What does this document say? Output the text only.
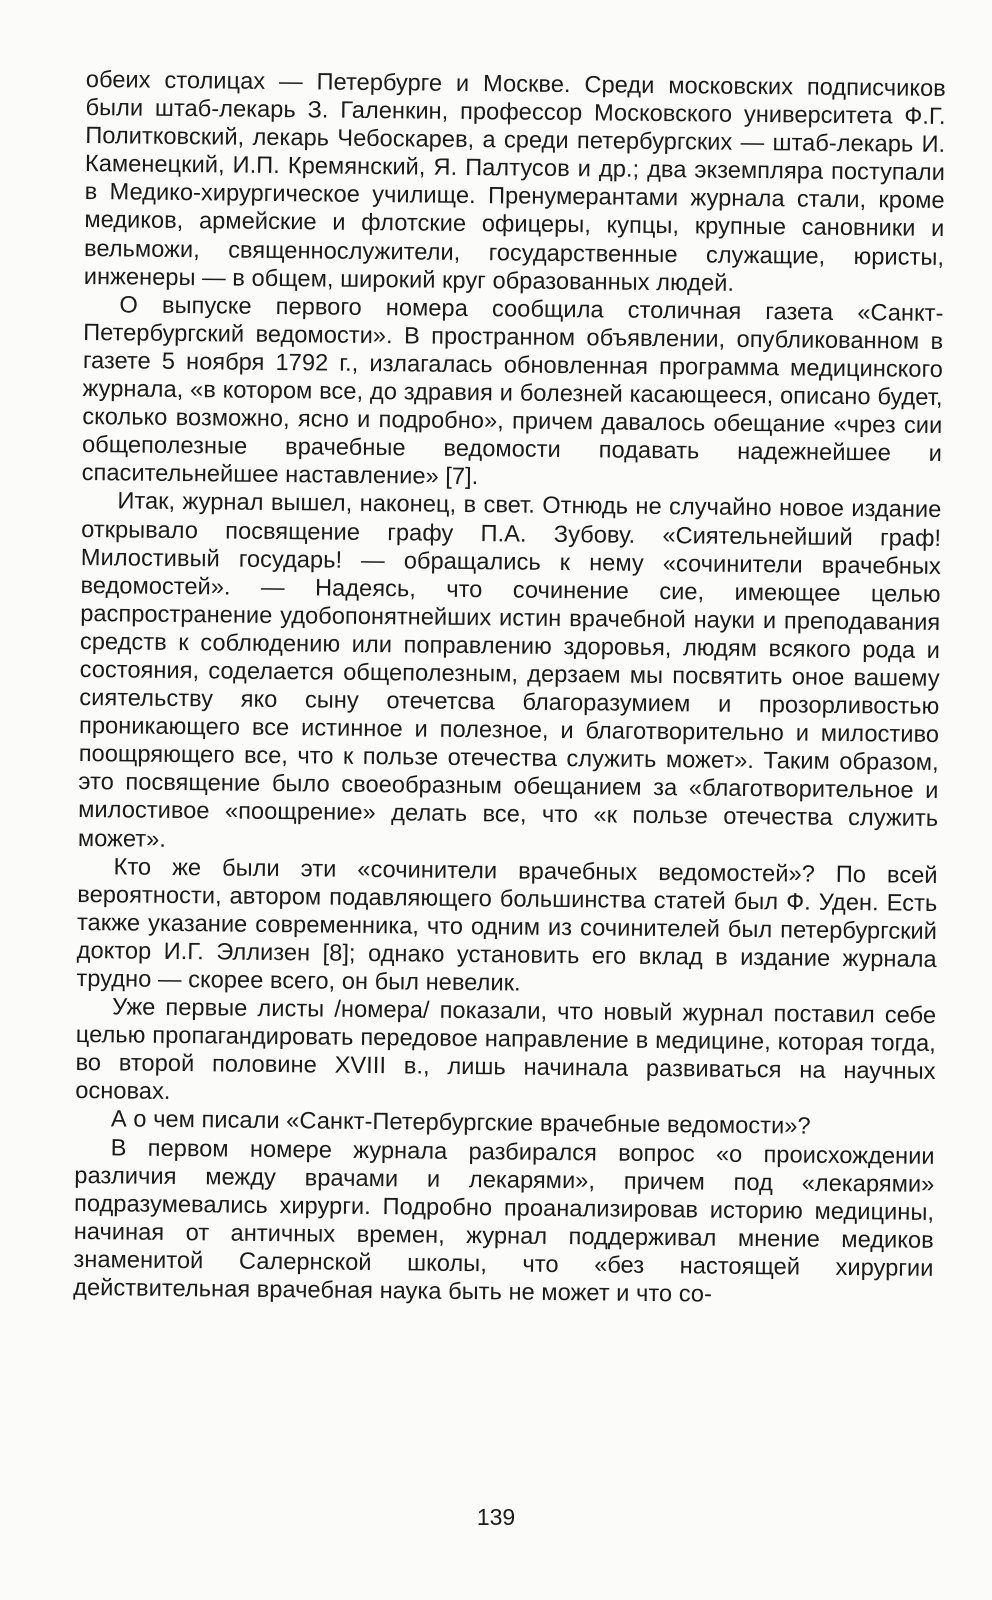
обеих столицах — Петербурге и Москве. Среди московских подписчиков были штаб-лекарь З. Галенкин, профессор Московского университета Ф.Г. Политковский, лекарь Чебоскарев, а среди петербургских — штаб-лекарь И. Каменецкий, И.П. Кремянский, Я. Палтусов и др.; два экземпляра поступали в Медико-хирургическое училище. Пренумерантами журнала стали, кроме медиков, армейские и флотские офицеры, купцы, крупные сановники и вельможи, священнослужители, государственные служащие, юристы, инженеры — в общем, широкий круг образованных людей.

О выпуске первого номера сообщила столичная газета «Санкт-Петербургский ведомости». В пространном объявлении, опубликованном в газете 5 ноября 1792 г., излагалась обновленная программа медицинского журнала, «в котором все, до здравия и болезней касающееся, описано будет, сколько возможно, ясно и подробно», причем давалось обещание «чрез сии общеполезные врачебные ведомости подавать надежнейшее и спасительнейшее наставление» [7].

Итак, журнал вышел, наконец, в свет. Отнюдь не случайно новое издание открывало посвящение графу П.А. Зубову. «Сиятельнейший граф! Милостивый государь! — обращались к нему «сочинители врачебных ведомостей». — Надеясь, что сочинение сие, имеющее целью распространение удобопонятнейших истин врачебной науки и преподавания средств к соблюдению или поправлению здоровья, людям всякого рода и состояния, соделается общеполезным, дерзаем мы посвятить оное вашему сиятельству яко сыну отечетсва благоразумием и прозорливостью проникающего все истинное и полезное, и благотворительно и милостиво поощряющего все, что к пользе отечества служить может». Таким образом, это посвящение было своеобразным обещанием за «благотворительное и милостивое «поощрение» делать все, что «к пользе отечества служить может».

Кто же были эти «сочинители врачебных ведомостей»? По всей вероятности, автором подавляющего большинства статей был Ф. Уден. Есть также указание современника, что одним из сочинителей был петербургский доктор И.Г. Эллизен [8]; однако установить его вклад в издание журнала трудно — скорее всего, он был невелик.

Уже первые листы /номера/ показали, что новый журнал поставил себе целью пропагандировать передовое направление в медицине, которая тогда, во второй половине XVIII в., лишь начинала развиваться на научных основах.

А о чем писали «Санкт-Петербургские врачебные ведомости»?

В первом номере журнала разбирался вопрос «о происхождении различия между врачами и лекарями», причем под «лекарями» подразумевались хирурги. Подробно проанализировав историю медицины, начиная от античных времен, журнал поддерживал мнение медиков знаменитой Салернской школы, что «без настоящей хирургии действительная врачебная наука быть не может и что со-

139
